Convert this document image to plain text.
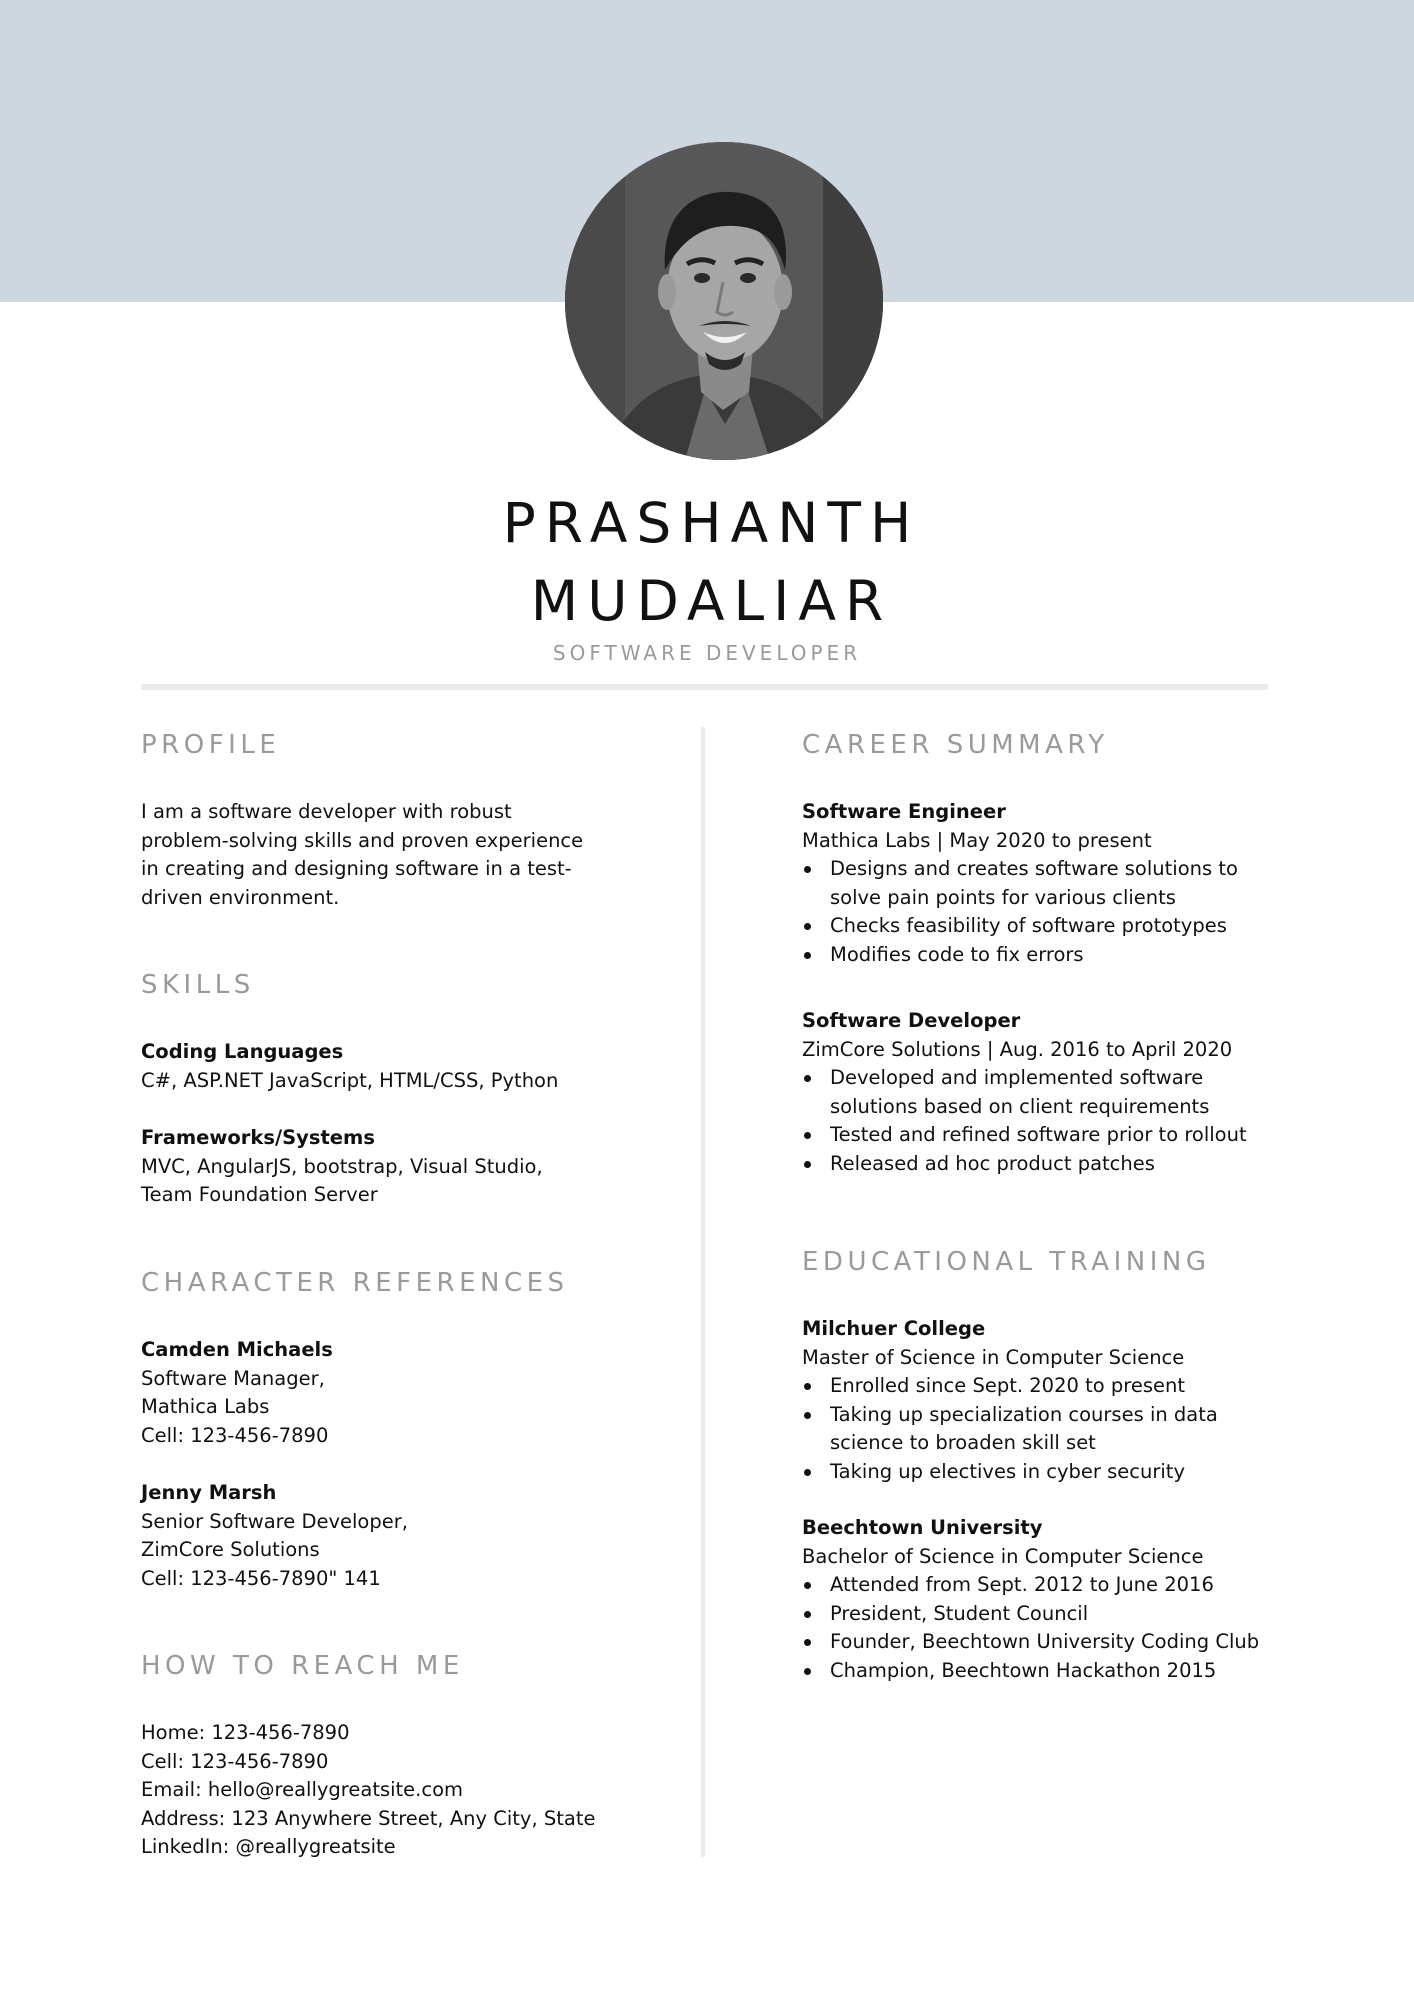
PRASHANTH
MUDALIAR
SOFTWARE DEVELOPER
PROFILE
I am a software developer with robust
problem-solving skills and proven experience
in creating and designing software in a test-
driven environment.
SKILLS
Coding Languages
C#, ASP.NET JavaScript, HTML/CSS, Python
Frameworks/Systems
MVC, AngularJS, bootstrap, Visual Studio,
Team Foundation Server
CHARACTER REFERENCES
Camden Michaels
Software Manager,
Mathica Labs
Cell: 123-456-7890
Jenny Marsh
Senior Software Developer,
ZimCore Solutions
Cell: 123-456-7890" 141
HOW TO REACH ME
Home: 123-456-7890
Cell: 123-456-7890
Email: hello@reallygreatsite.com
Address: 123 Anywhere Street, Any City, State
LinkedIn: @reallygreatsite
CAREER SUMMARY
Software Engineer
Mathica Labs | May 2020 to present
Designs and creates software solutions to
solve pain points for various clients
Checks feasibility of software prototypes
Modifies code to fix errors
Software Developer
ZimCore Solutions | Aug. 2016 to April 2020
Developed and implemented software
solutions based on client requirements
Tested and refined software prior to rollout
Released ad hoc product patches
EDUCATIONAL TRAINING
Milchuer College
Master of Science in Computer Science
Enrolled since Sept. 2020 to present
Taking up specialization courses in data
science to broaden skill set
Taking up electives in cyber security
Beechtown University
Bachelor of Science in Computer Science
Attended from Sept. 2012 to June 2016
President, Student Council
Founder, Beechtown University Coding Club
Champion, Beechtown Hackathon 2015
